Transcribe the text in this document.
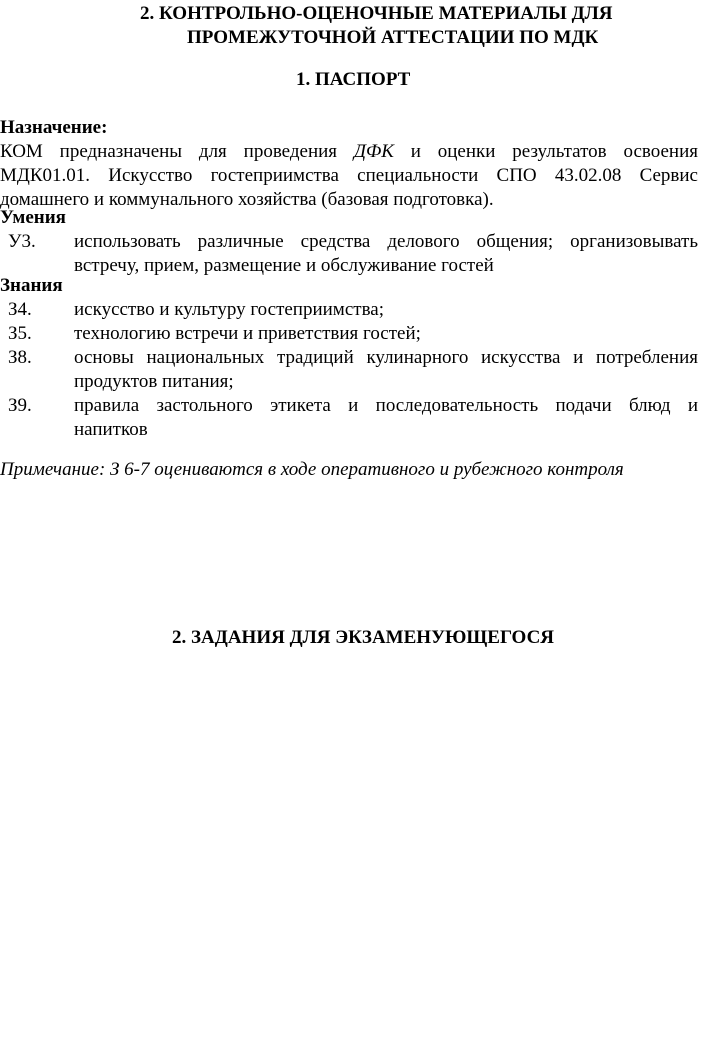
2. КОНТРОЛЬНО-ОЦЕНОЧНЫЕ МАТЕРИАЛЫ ДЛЯ
ПРОМЕЖУТОЧНОЙ АТТЕСТАЦИИ ПО МДК
1. ПАСПОРТ
Назначение:
КОМ предназначены для проведения ДФК и оценки результатов освоения
МДК01.01. Искусство гостеприимства специальности СПО 43.02.08 Сервис
домашнего и коммунального хозяйства (базовая подготовка).
Умения
У3. использовать различные средства делового общения; организовывать
встречу, прием, размещение и обслуживание гостей
Знания
З4. искусство и культуру гостеприимства;
З5. технологию встречи и приветствия гостей;
З8. основы национальных традиций кулинарного искусства и потребления
продуктов питания;
З9. правила застольного этикета и последовательность подачи блюд и
напитков
Примечание: З 6-7 оцениваются в ходе оперативного и рубежного контроля
2. ЗАДАНИЯ ДЛЯ ЭКЗАМЕНУЮЩЕГОСЯ
